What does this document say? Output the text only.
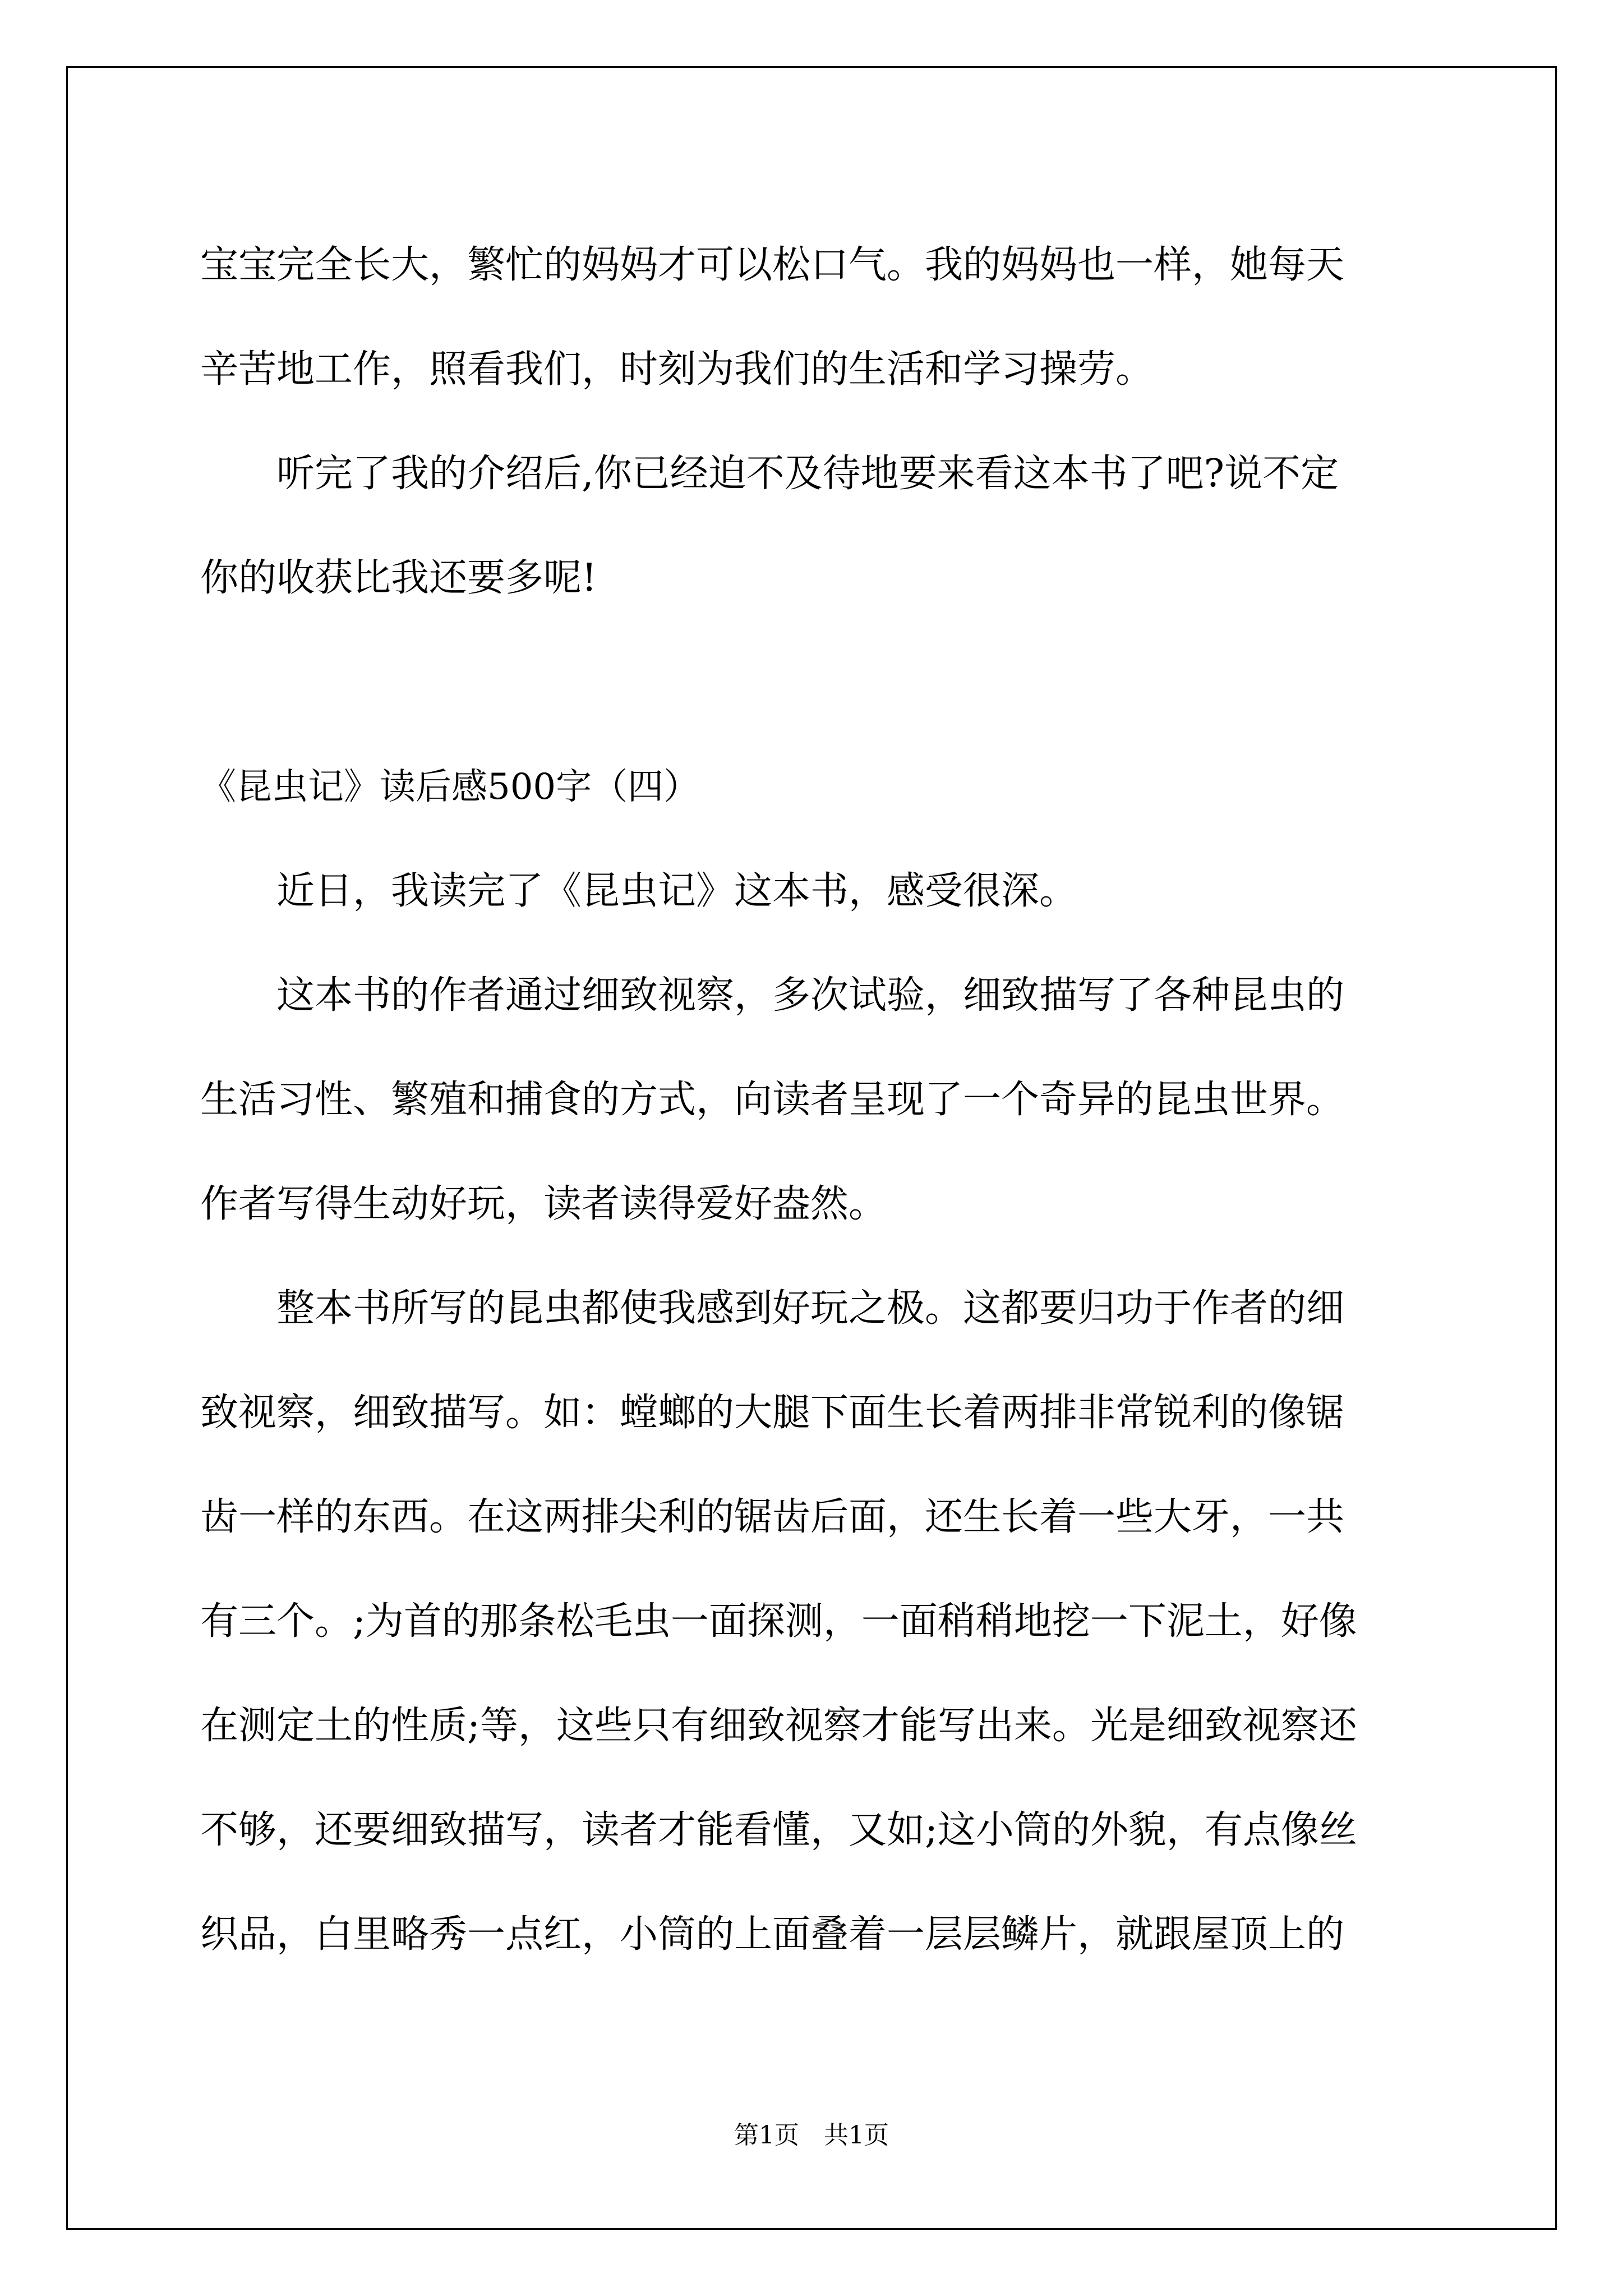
宝宝完全长大，繁忙的妈妈才可以松口气。我的妈妈也一样，她每天

辛苦地工作，照看我们，时刻为我们的生活和学习操劳。

听完了我的介绍后,你已经迫不及待地要来看这本书了吧?说不定

你的收获比我还要多呢!

《昆虫记》读后感500字（四）

近日，我读完了《昆虫记》这本书，感受很深。

这本书的作者通过细致视察，多次试验，细致描写了各种昆虫的

生活习性、繁殖和捕食的方式，向读者呈现了一个奇异的昆虫世界。

作者写得生动好玩，读者读得爱好盎然。

整本书所写的昆虫都使我感到好玩之极。这都要归功于作者的细

致视察，细致描写。如：螳螂的大腿下面生长着两排非常锐利的像锯

齿一样的东西。在这两排尖利的锯齿后面，还生长着一些大牙，一共

有三个。;为首的那条松毛虫一面探测，一面稍稍地挖一下泥土，好像

在测定土的性质;等，这些只有细致视察才能写出来。光是细致视察还

不够，还要细致描写，读者才能看懂，又如;这小筒的外貌，有点像丝

织品，白里略秀一点红，小筒的上面叠着一层层鳞片，就跟屋顶上的

第1页　共1页
